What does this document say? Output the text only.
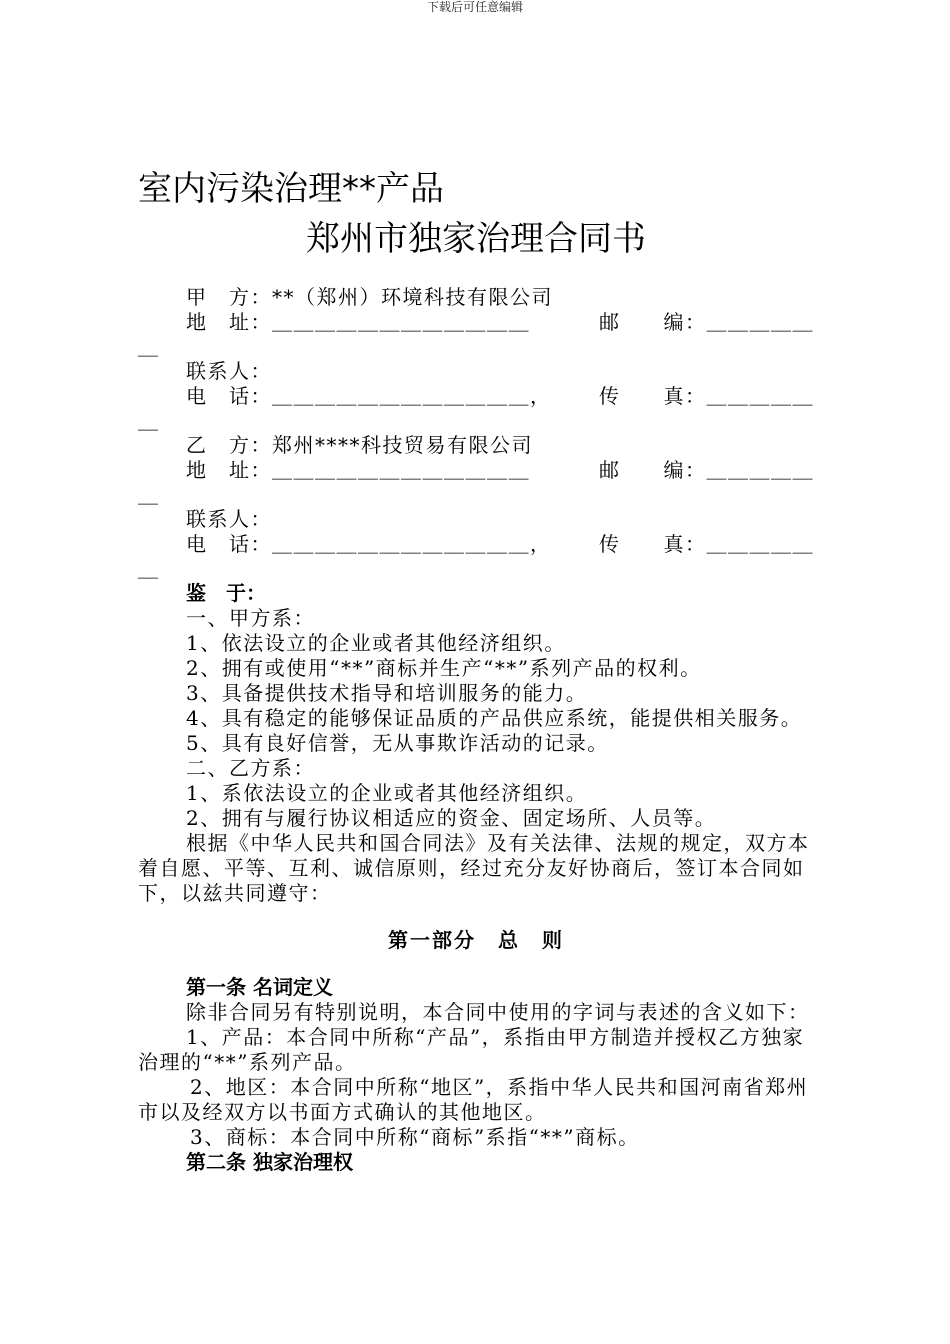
下载后可任意编辑
室内污染治理**产品
郑州市独家治理合同书
甲　方：**（郑州）环境科技有限公司
地　址：＿＿＿＿＿＿＿＿＿＿＿＿	邮　　编：＿＿＿＿＿
＿
联系人：
电　话：＿＿＿＿＿＿＿＿＿＿＿＿， 传　　真：＿＿＿＿＿
＿
乙　方：郑州****科技贸易有限公司
地　址：＿＿＿＿＿＿＿＿＿＿＿＿	邮　　编：＿＿＿＿＿
＿
联系人：
电　话：＿＿＿＿＿＿＿＿＿＿＿＿， 传　　真：＿＿＿＿＿
＿
鉴　于：
一、甲方系：
1、依法设立的企业或者其他经济组织。
2、拥有或使用“**”商标并生产“**”系列产品的权利。
3、具备提供技术指导和培训服务的能力。
4、具有稳定的能够保证品质的产品供应系统，能提供相关服务。
5、具有良好信誉，无从事欺诈活动的记录。
二、乙方系：
1、系依法设立的企业或者其他经济组织。
2、拥有与履行协议相适应的资金、固定场所、人员等。
根据《中华人民共和国合同法》及有关法律、法规的规定，双方本着自愿、平等、互利、诚信原则，经过充分友好协商后，签订本合同如下，以兹共同遵守：
第一部分　总　则
第一条 名词定义
除非合同另有特别说明，本合同中使用的字词与表述的含义如下：
1、产品：本合同中所称“产品”，系指由甲方制造并授权乙方独家治理的“**”系列产品。
2、地区：本合同中所称“地区”，系指中华人民共和国河南省郑州市以及经双方以书面方式确认的其他地区。
3、商标：本合同中所称“商标”系指“**”商标。
第二条 独家治理权
